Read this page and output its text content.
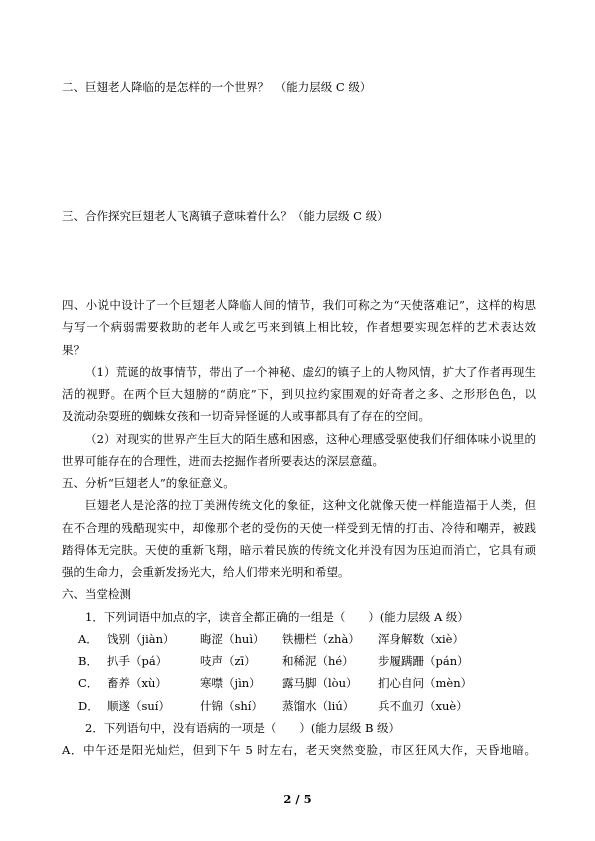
二、巨翅老人降临的是怎样的一个世界？　（能力层级 C 级）
三、合作探究巨翅老人飞离镇子意味着什么？（能力层级 C 级）
四、小说中设计了一个巨翅老人降临人间的情节，我们可称之为“天使落难记”，这样的构思
与写一个病弱需要救助的老年人或乞丐来到镇上相比较，作者想要实现怎样的艺术表达效
果？
（1）荒诞的故事情节，带出了一个神秘、虚幻的镇子上的人物风情，扩大了作者再现生
活的视野。在两个巨大翅膀的“荫庇”下，到贝拉约家围观的好奇者之多、之形形色色，以
及流动杂耍班的蜘蛛女孩和一切奇异怪诞的人或事都具有了存在的空间。
（2）对现实的世界产生巨大的陌生感和困惑，这种心理感受驱使我们仔细体味小说里的
世界可能存在的合理性，进而去挖掘作者所要表达的深层意蕴。
五、分析“巨翅老人”的象征意义。
巨翅老人是沦落的拉丁美洲传统文化的象征，这种文化就像天使一样能造福于人类，但
在不合理的残酷现实中，却像那个老的受伤的天使一样受到无情的打击、冷待和嘲弄，被践
踏得体无完肤。天使的重新飞翔，暗示着民族的传统文化并没有因为压迫而消亡，它具有顽
强的生命力，会重新发扬光大，给人们带来光明和希望。
六、当堂检测
1．下列词语中加点的字，读音全都正确的一组是（　　）(能力层级 A 级）
A． 饯别（jiàn） 晦涩（huì） 铁栅栏（zhà） 浑身解数（xiè）
B． 扒手（pá）	吱声（zī） 和稀泥（hé） 步履蹒跚（pán）
C． 畜养（xù）	寒噤（jìn） 露马脚（lòu） 扪心自问（mèn）
D． 顺遂（suí）	什锦（shí） 蒸馏水（liú） 兵不血刃（xuè）
2．下列语句中，没有语病的一项是（　　）(能力层级 B 级）
A．中午还是阳光灿烂，但到下午 5 时左右，老天突然变脸，市区狂风大作，天昏地暗。
2 / 5
